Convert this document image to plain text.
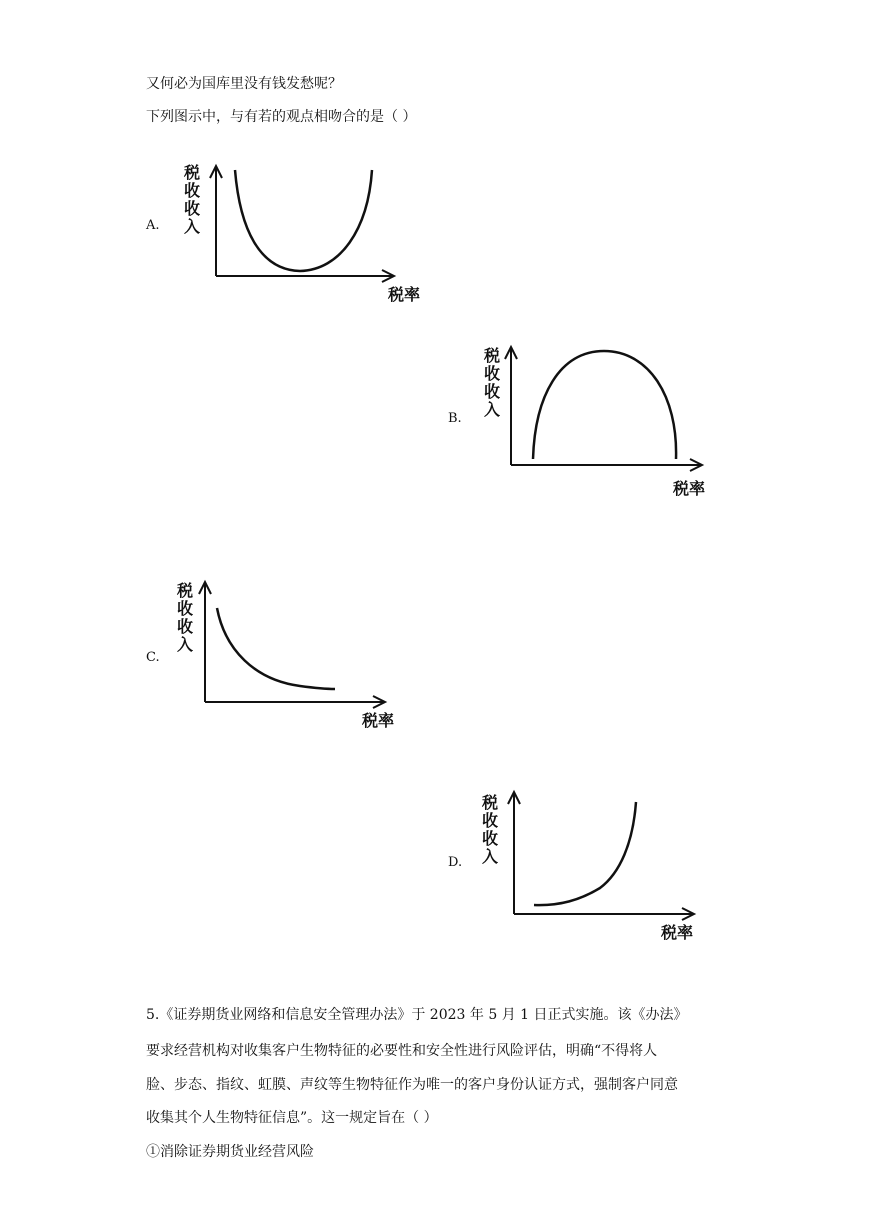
又何必为国库里没有钱发愁呢？
下列图示中，与有若的观点相吻合的是（ ）
A.
税
收
收
入
税率
B.
税
收
收
入
税率
C.
税
收
收
入
税率
D.
税
收
收
入
税率
5.《证券期货业网络和信息安全管理办法》于 2023 年 5 月 1 日正式实施。该《办法》
要求经营机构对收集客户生物特征的必要性和安全性进行风险评估，明确“不得将人
脸、步态、指纹、虹膜、声纹等生物特征作为唯一的客户身份认证方式，强制客户同意
收集其个人生物特征信息”。这一规定旨在（ ）
①消除证券期货业经营风险
